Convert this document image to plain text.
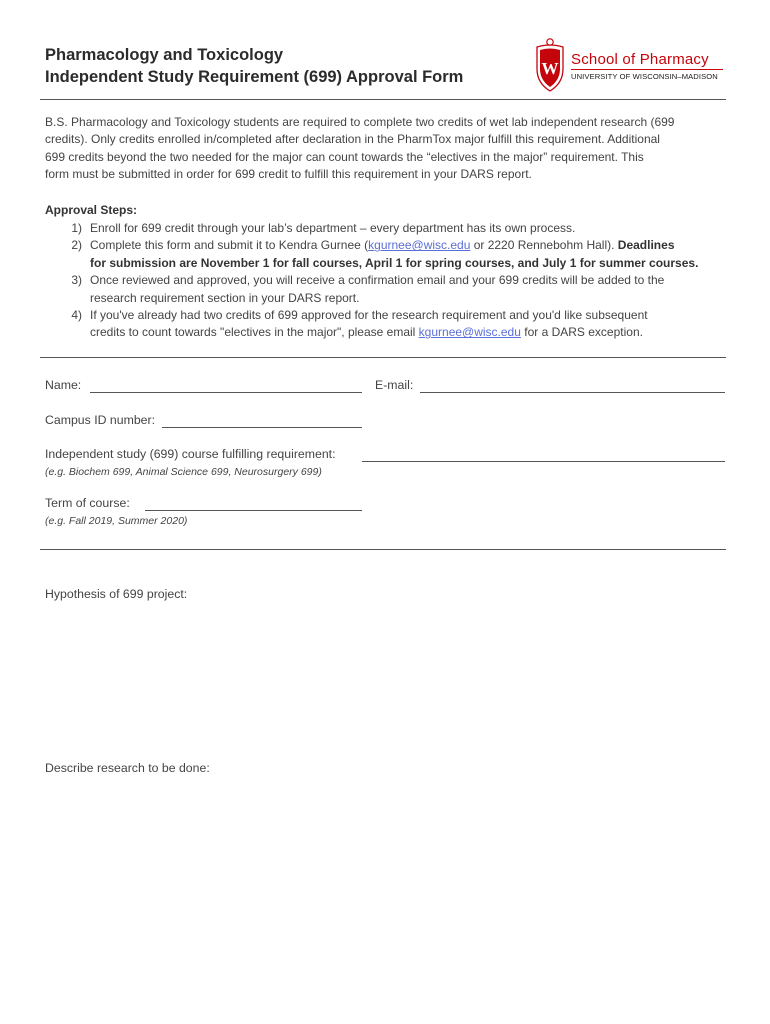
Pharmacology and Toxicology
Independent Study Requirement (699) Approval Form	W School of Pharmacy
UNIVERSITY OF WISCONSIN–MADISON
B.S. Pharmacology and Toxicology students are required to complete two credits of wet lab independent research (699
credits). Only credits enrolled in/completed after declaration in the PharmTox major fulfill this requirement. Additional
699 credits beyond the two needed for the major can count towards the “electives in the major” requirement. This
form must be submitted in order for 699 credit to fulfill this requirement in your DARS report.
Approval Steps:
1) Enroll for 699 credit through your lab’s department – every department has its own process.
2) Complete this form and submit it to Kendra Gurnee (kgurnee@wisc.edu or 2220 Rennebohm Hall). Deadlines
for submission are November 1 for fall courses, April 1 for spring courses, and July 1 for summer courses.
3) Once reviewed and approved, you will receive a confirmation email and your 699 credits will be added to the
research requirement section in your DARS report.
4) If you've already had two credits of 699 approved for the research requirement and you'd like subsequent
credits to count towards "electives in the major", please email kgurnee@wisc.edu for a DARS exception.
Name:	E-mail:
Campus ID number:
Independent study (699) course fulfilling requirement:
(e.g. Biochem 699, Animal Science 699, Neurosurgery 699)
Term of course:
(e.g. Fall 2019, Summer 2020)
Hypothesis of 699 project:
Describe research to be done:
